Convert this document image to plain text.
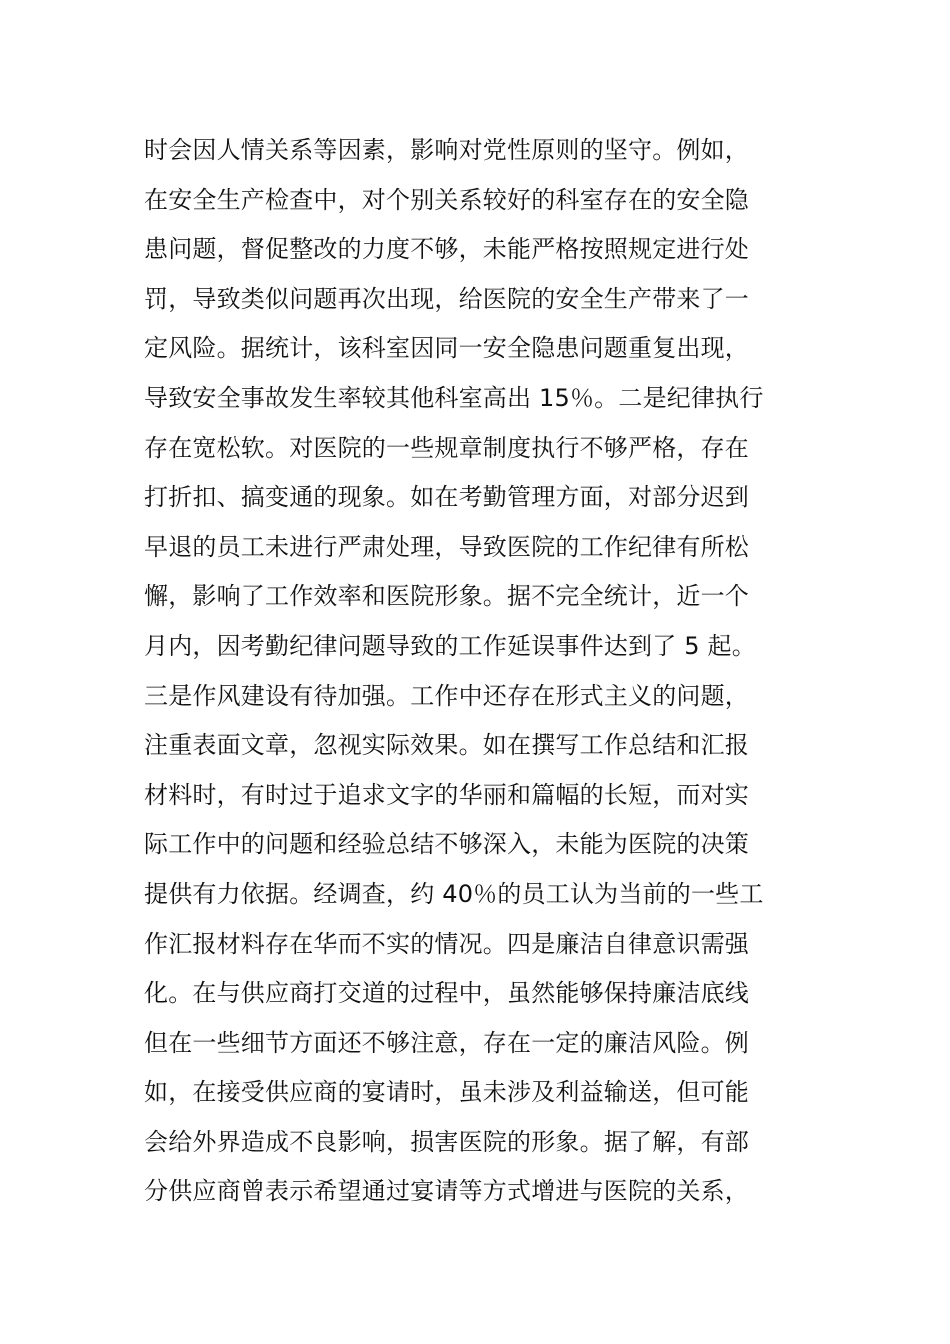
时会因人情关系等因素，影响对党性原则的坚守。例如，
在安全生产检查中，对个别关系较好的科室存在的安全隐
患问题，督促整改的力度不够，未能严格按照规定进行处
罚，导致类似问题再次出现，给医院的安全生产带来了一
定风险。据统计，该科室因同一安全隐患问题重复出现，
导致安全事故发生率较其他科室高出 15％。二是纪律执行
存在宽松软。对医院的一些规章制度执行不够严格，存在
打折扣、搞变通的现象。如在考勤管理方面，对部分迟到
早退的员工未进行严肃处理，导致医院的工作纪律有所松
懈，影响了工作效率和医院形象。据不完全统计，近一个
月内，因考勤纪律问题导致的工作延误事件达到了 5 起。
三是作风建设有待加强。工作中还存在形式主义的问题，
注重表面文章，忽视实际效果。如在撰写工作总结和汇报
材料时，有时过于追求文字的华丽和篇幅的长短，而对实
际工作中的问题和经验总结不够深入，未能为医院的决策
提供有力依据。经调查，约 40％的员工认为当前的一些工
作汇报材料存在华而不实的情况。四是廉洁自律意识需强
化。在与供应商打交道的过程中，虽然能够保持廉洁底线
但在一些细节方面还不够注意，存在一定的廉洁风险。例
如，在接受供应商的宴请时，虽未涉及利益输送，但可能
会给外界造成不良影响，损害医院的形象。据了解，有部
分供应商曾表示希望通过宴请等方式增进与医院的关系，
